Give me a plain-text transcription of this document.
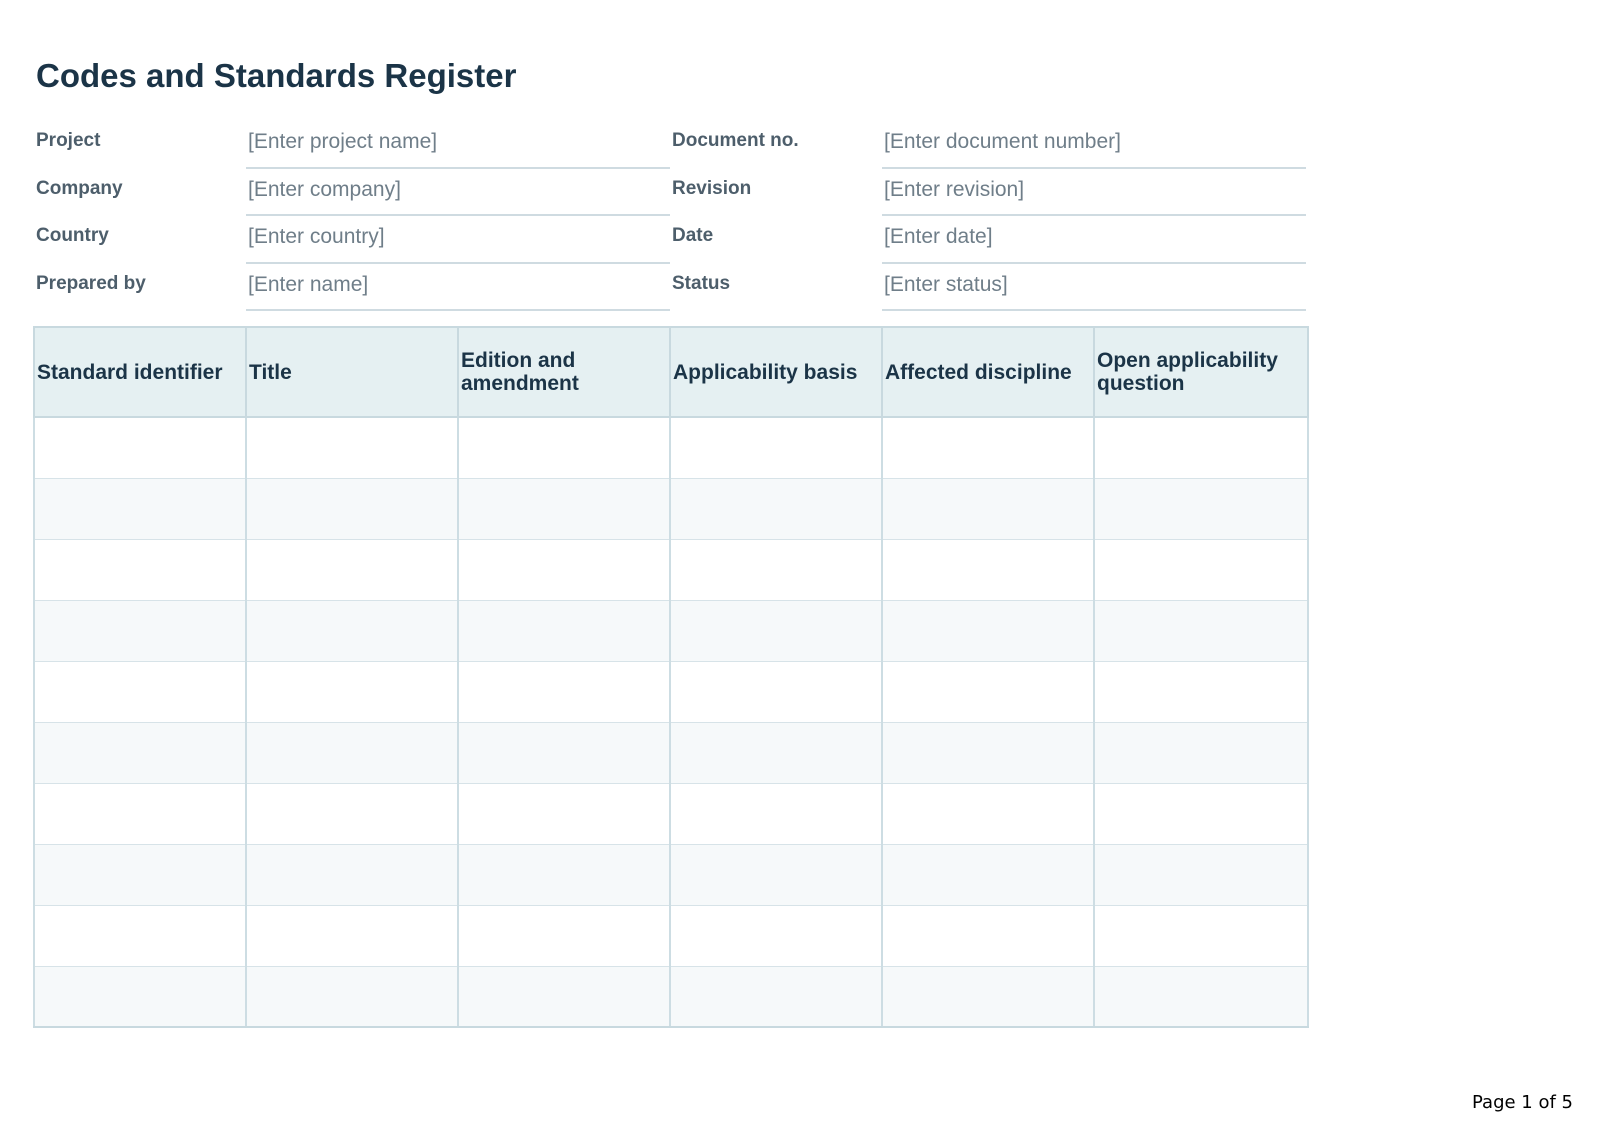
Codes and Standards Register
Project	[Enter project name]	Document no.	[Enter document number]
Company	[Enter company]	Revision	[Enter revision]
Country	[Enter country]	Date	[Enter date]
Prepared by	[Enter name]	Status	[Enter status]
Standard identifier	Title	Edition and amendment	Applicability basis	Affected discipline	Open applicability question

Page 1 of 5
